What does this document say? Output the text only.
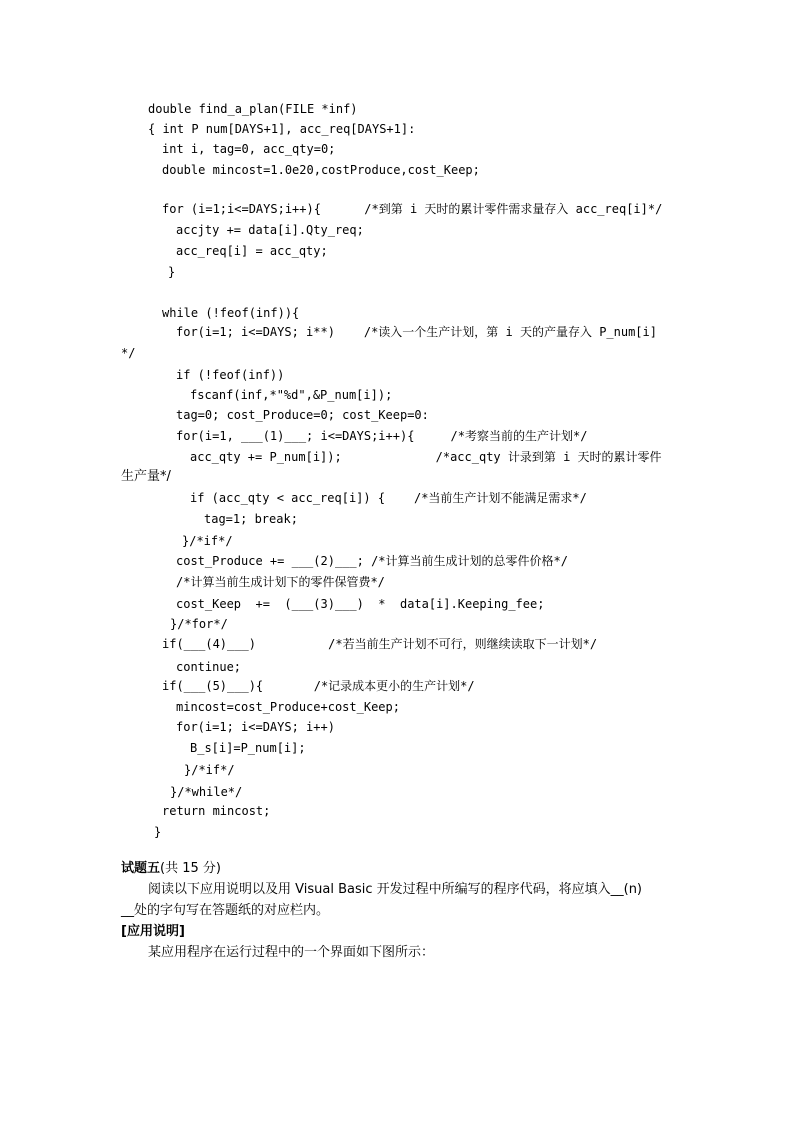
double find_a_plan(FILE *inf)
{ int P num[DAYS+1], acc_req[DAYS+1]:
int i, tag=0, acc_qty=0;
double mincost=1.0e20,costProduce,cost_Keep;
for (i=1;i<=DAYS;i++){      /*到第 i 天时的累计零件需求量存入 acc_req[i]*/
accjty += data[i].Qty_req;
acc_req[i] = acc_qty;
}
while (!feof(inf)){
for(i=1; i<=DAYS; i**)    /*读入一个生产计划，第 i 天的产量存入 P_num[i]
*/
if (!feof(inf))
fscanf(inf,*"%d",&P_num[i]);
tag=0; cost_Produce=0; cost_Keep=0:
for(i=1, ___(1)___; i<=DAYS;i++){     /*考察当前的生产计划*/
acc_qty += P_num[i]);             /*acc_qty 计录到第 i 天时的累计零件
生产量*/
if (acc_qty < acc_req[i]) {    /*当前生产计划不能满足需求*/
tag=1; break;
}/*if*/
cost_Produce += ___(2)___; /*计算当前生成计划的总零件价格*/
/*计算当前生成计划下的零件保管费*/
cost_Keep  +=  (___(3)___)  *  data[i].Keeping_fee;
}/*for*/
if(___(4)___)          /*若当前生产计划不可行，则继续读取下一计划*/
continue;
if(___(5)___){       /*记录成本更小的生产计划*/
mincost=cost_Produce+cost_Keep;
for(i=1; i<=DAYS; i++)
B_s[i]=P_num[i];
}/*if*/
}/*while*/
return mincost;
}
试题五(共 15 分)
阅读以下应用说明以及用 Visual Basic 开发过程中所编写的程序代码，将应填入__(n)
__处的字句写在答题纸的对应栏内。
[应用说明]
某应用程序在运行过程中的一个界面如下图所示：
